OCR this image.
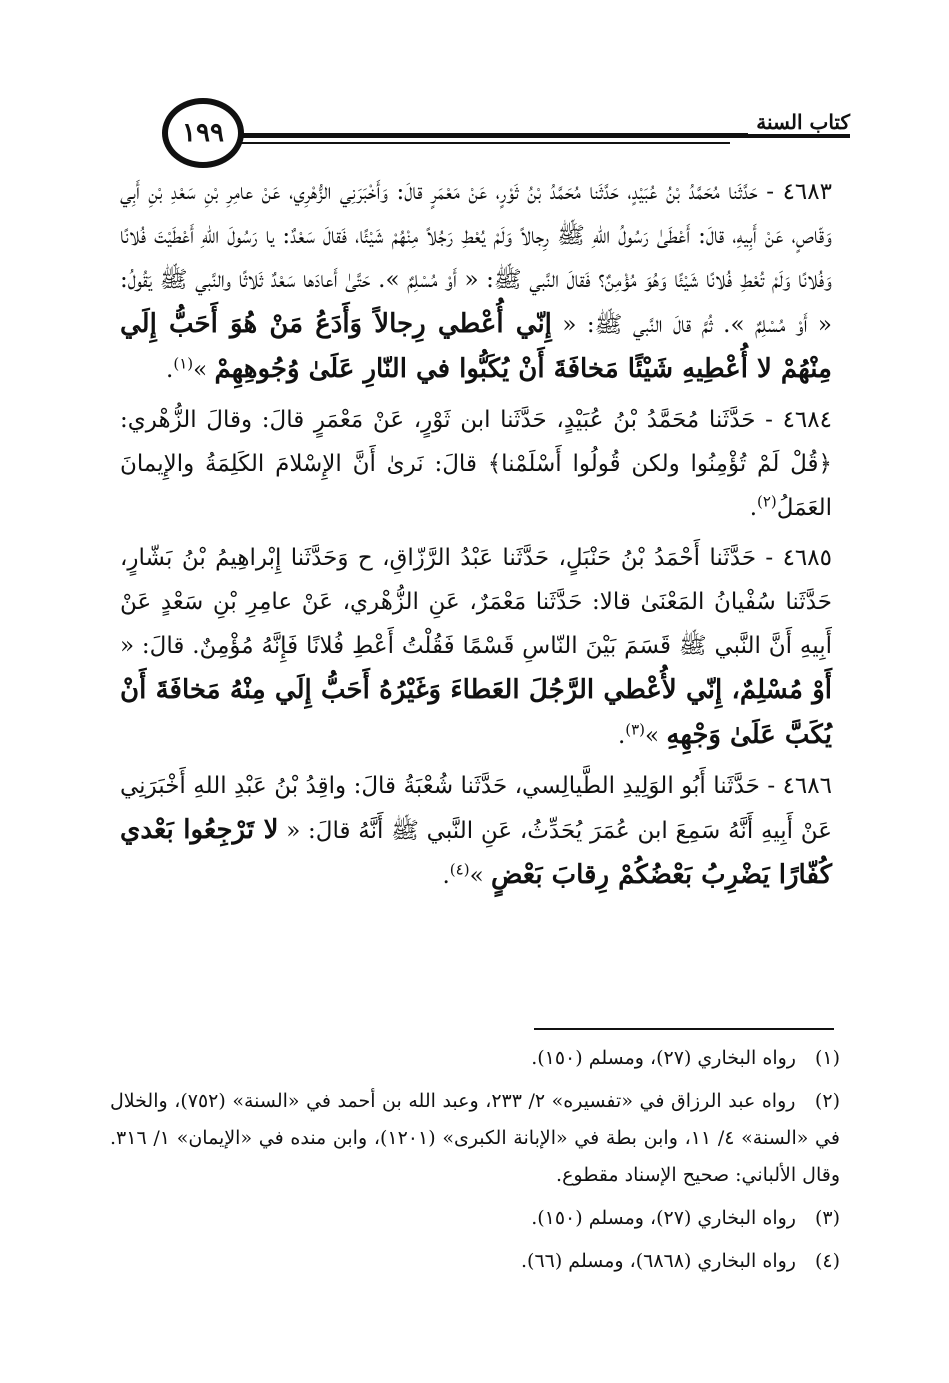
١٩٩	كتاب السنة

٤٦٨٣ - حَدَّثَنا مُحَمَّدُ بْنُ عُبَيْدٍ، حَدَّثَنا مُحَمَّدُ بْنُ ثَوْرٍ، عَنْ مَعْمَرٍ قالَ: وَأَخْبَرَنِي الزُّهْرِي، عَنْ عامِرِ بْنِ سَعْدِ بْنِ أَبِي وَقّاصٍ، عَنْ أَبِيهِ، قالَ: أَعْطَىٰ رَسُولُ اللهِ ﷺ رِجالاً وَلَمْ يُعْطِ رَجُلاً مِنْهُمْ شَيْئًا، فَقالَ سَعْدٌ: يا رَسُولَ اللهِ أَعْطَيْتَ فُلانًا وَفُلانًا وَلَمْ تُعْطِ فُلانًا شَيْئًا وَهُوَ مُؤْمِنٌ؟ فَقالَ النَّبي ﷺ: « أَوْ مُسْلِمٌ ». حَتَّىٰ أَعادَها سَعْدٌ ثَلاثًا والنَّبي ﷺ يَقُولُ: « أَوْ مُسْلِمٌ ». ثُمَّ قالَ النَّبي ﷺ: « إِنّي أُعْطي رِجالاً وَأَدَعُ مَنْ هُوَ أَحَبُّ إِلَي مِنْهُمْ لا أُعْطِيهِ شَيْئًا مَخافَةَ أَنْ يُكَبُّوا في النّارِ عَلَىٰ وُجُوهِهِمْ »$^{(١)}$.

٤٦٨٤ - حَدَّثَنا مُحَمَّدُ بْنُ عُبَيْدٍ، حَدَّثَنا ابن ثَوْرٍ، عَنْ مَعْمَرٍ قالَ: وقالَ الزُّهْري: ﴿قُلْ لَمْ تُؤْمِنُوا ولكن قُولُوا أَسْلَمْنا﴾ قالَ: نَرىٰ أَنَّ الإِسْلامَ الكَلِمَةُ والإِيمانَ العَمَلُ$^{(٢)}$.

٤٦٨٥ - حَدَّثَنا أَحْمَدُ بْنُ حَنْبَلٍ، حَدَّثَنا عَبْدُ الرَّزّاقِ، ح وَحَدَّثَنا إِبْراهِيمُ بْنُ بَشّارٍ، حَدَّثَنا سُفْيانُ المَعْنَىٰ قالا: حَدَّثَنا مَعْمَرٌ، عَنِ الزُّهْري، عَنْ عامِرِ بْنِ سَعْدٍ عَنْ أَبِيهِ أَنَّ النَّبي ﷺ قَسَمَ بَيْنَ النّاسِ قَسْمًا فَقُلْتُ أَعْطِ فُلانًا فَإِنَّهُ مُؤْمِنٌ. قالَ: « أَوْ مُسْلِمٌ، إِنّي لأُعْطي الرَّجُلَ العَطاءَ وَغَيْرُهُ أَحَبُّ إِلَي مِنْهُ مَخافَةَ أَنْ يُكَبَّ عَلَىٰ وَجْهِهِ »$^{(٣)}$.

٤٦٨٦ - حَدَّثَنا أَبُو الوَلِيدِ الطَّيالِسي، حَدَّثَنا شُعْبَةُ قالَ: واقِدُ بْنُ عَبْدِ اللهِ أَخْبَرَنِي عَنْ أَبِيهِ أَنَّهُ سَمِعَ ابن عُمَرَ يُحَدِّثُ، عَنِ النَّبي ﷺ أَنَّهُ قالَ: « لا تَرْجِعُوا بَعْدي كُفّارًا يَضْرِبُ بَعْضُكُمْ رِقابَ بَعْضٍ »$^{(٤)}$.

(١) رواه البخاري (٢٧)، ومسلم (١٥٠).

(٢) رواه عبد الرزاق في «تفسيره» ٢/ ٢٣٣، وعبد الله بن أحمد في «السنة» (٧٥٢)، والخلال في «السنة» ٤/ ١١، وابن بطة في «الإبانة الكبرى» (١٢٠١)، وابن منده في «الإيمان» ١/ ٣١٦. وقال الألباني: صحيح الإسناد مقطوع.

(٣) رواه البخاري (٢٧)، ومسلم (١٥٠).

(٤) رواه البخاري (٦٨٦٨)، ومسلم (٦٦).
